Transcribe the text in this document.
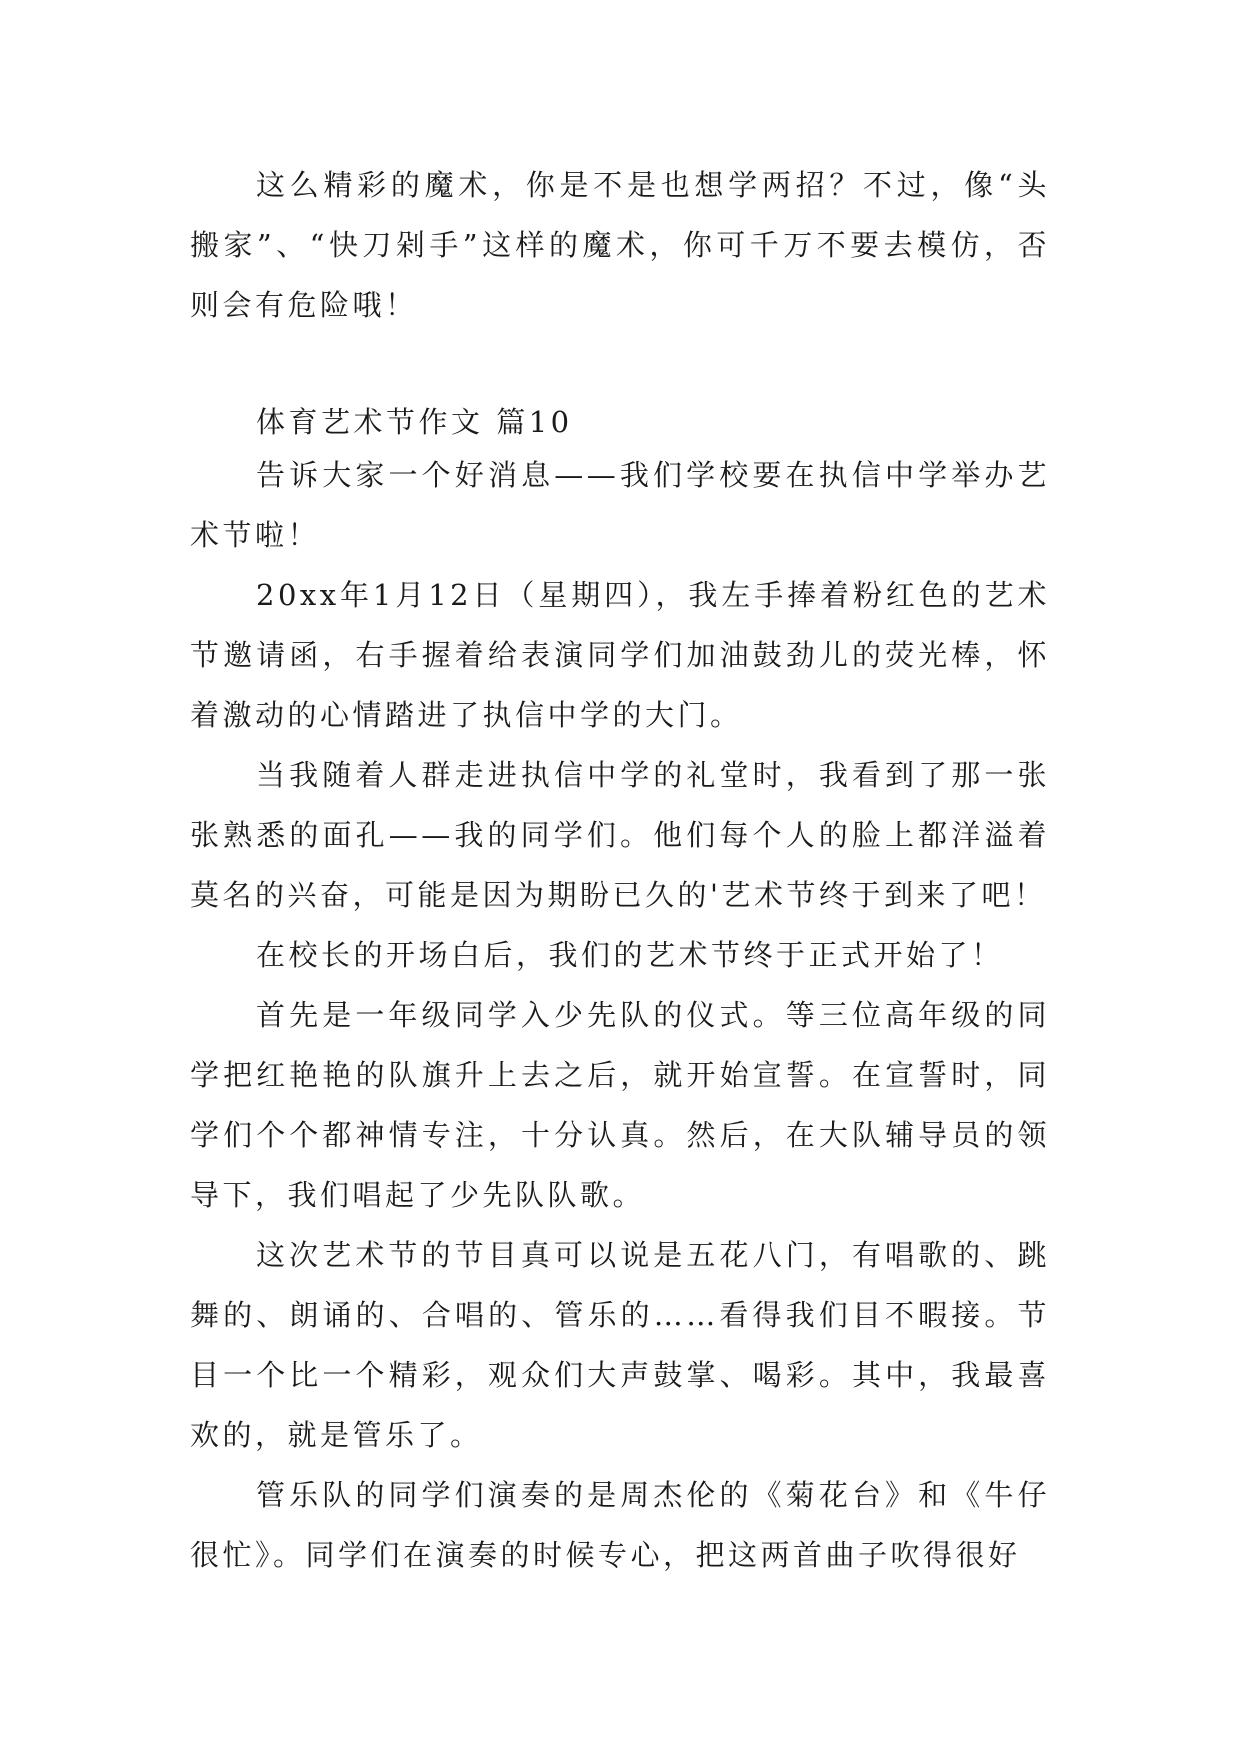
这么精彩的魔术，你是不是也想学两招？不过，像“头搬家”、“快刀剁手”这样的魔术，你可千万不要去模仿，否则会有危险哦！

体育艺术节作文 篇10

告诉大家一个好消息——我们学校要在执信中学举办艺术节啦！

20xx年1月12日（星期四），我左手捧着粉红色的艺术节邀请函，右手握着给表演同学们加油鼓劲儿的荧光棒，怀着激动的心情踏进了执信中学的大门。

当我随着人群走进执信中学的礼堂时，我看到了那一张张熟悉的面孔——我的同学们。他们每个人的脸上都洋溢着莫名的兴奋，可能是因为期盼已久的'艺术节终于到来了吧！

在校长的开场白后，我们的艺术节终于正式开始了！

首先是一年级同学入少先队的仪式。等三位高年级的同学把红艳艳的队旗升上去之后，就开始宣誓。在宣誓时，同学们个个都神情专注，十分认真。然后，在大队辅导员的领导下，我们唱起了少先队队歌。

这次艺术节的节目真可以说是五花八门，有唱歌的、跳舞的、朗诵的、合唱的、管乐的……看得我们目不暇接。节目一个比一个精彩，观众们大声鼓掌、喝彩。其中，我最喜欢的，就是管乐了。

管乐队的同学们演奏的是周杰伦的《菊花台》和《牛仔很忙》。同学们在演奏的时候专心，把这两首曲子吹得很好
